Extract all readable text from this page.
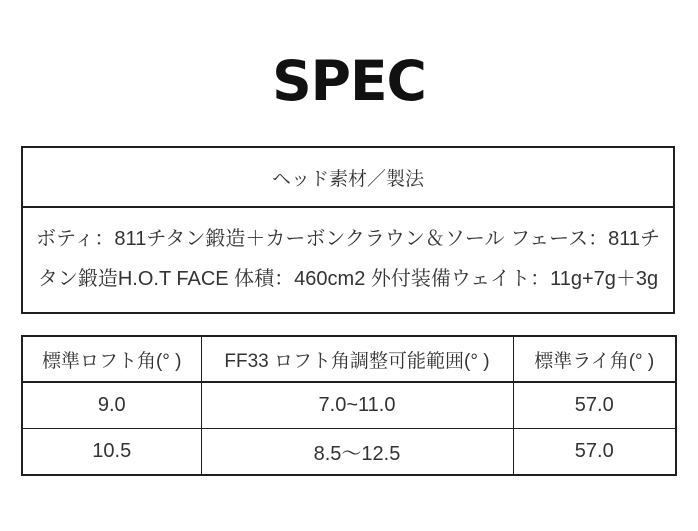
SPEC
ヘッド素材／製法
ボティ：811チタン鍛造＋カーボンクラウン＆ソール フェース：811チ
タン鍛造H.O.T FACE 体積：460cm2 外付装備ウェイト：11g+7g＋3g
標準ロフト角(° )	FF33 ロフト角調整可能範囲(° )	標準ライ角(° )
9.0	7.0~11.0	57.0
10.5	8.5～12.5	57.0
